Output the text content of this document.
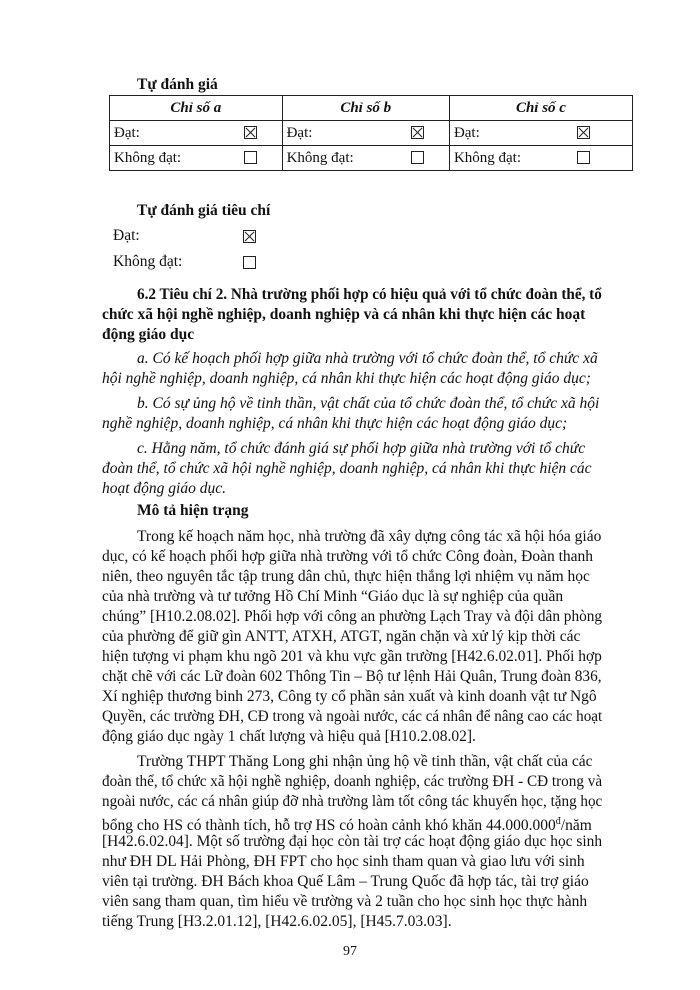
Tự đánh giá
Chỉ số a	Chỉ số b	Chỉ số c
Đạt:	Đạt:	Đạt:

Không đạt:	Không đạt:	Không đạt:
Tự đánh giá tiêu chí
Đạt:
Không đạt:
6.2 Tiêu chí 2. Nhà trường phối hợp có hiệu quả với tổ chức đoàn thể, tổ
chức xã hội nghề nghiệp, doanh nghiệp và cá nhân khi thực hiện các hoạt
động giáo dục
a. Có kế hoạch phối hợp giữa nhà trường với tổ chức đoàn thể, tổ chức xã
hội nghề nghiệp, doanh nghiệp, cá nhân khi thực hiện các hoạt động giáo dục;
b. Có sự ủng hộ về tinh thần, vật chất của tổ chức đoàn thể, tổ chức xã hội
nghề nghiệp, doanh nghiệp, cá nhân khi thực hiện các hoạt động giáo dục;
c. Hằng năm, tổ chức đánh giá sự phối hợp giữa nhà trường với tổ chức
đoàn thể, tổ chức xã hội nghề nghiệp, doanh nghiệp, cá nhân khi thực hiện các
hoạt động giáo dục.
Mô tả hiện trạng
Trong kế hoạch năm học, nhà trường đã xây dựng công tác xã hội hóa giáo
dục, có kế hoạch phối hợp giữa nhà trường với tổ chức Công đoàn, Đoàn thanh
niên, theo nguyên tắc tập trung dân chủ, thực hiện thắng lợi nhiệm vụ năm học
của nhà trường và tư tưởng Hồ Chí Minh “Giáo dục là sự nghiệp của quần
chúng” [H10.2.08.02]. Phối hợp với công an phường Lạch Tray và đội dân phòng
của phường để giữ gìn ANTT, ATXH, ATGT, ngăn chặn và xử lý kịp thời các
hiện tượng vi phạm khu ngõ 201 và khu vực gần trường [H42.6.02.01]. Phối hợp
chặt chẽ với các Lữ đoàn 602 Thông Tin – Bộ tư lệnh Hải Quân, Trung đoàn 836,
Xí nghiệp thương binh 273, Công ty cổ phần sản xuất và kinh doanh vật tư Ngô
Quyền, các trường ĐH, CĐ trong và ngoài nước, các cá nhân để nâng cao các hoạt
động giáo dục ngày 1 chất lượng và hiệu quả [H10.2.08.02].
Trường THPT Thăng Long ghi nhận ủng hộ về tinh thần, vật chất của các
đoàn thể, tổ chức xã hội nghề nghiệp, doanh nghiệp, các trường ĐH - CĐ trong và
ngoài nước, các cá nhân giúp đỡ nhà trường làm tốt công tác khuyến học, tặng học
bổng cho HS có thành tích, hỗ trợ HS có hoàn cảnh khó khăn $44.000.000^đ$/năm
[H42.6.02.04]. Một số trường đại học còn tài trợ các hoạt động giáo dục học sinh
như ĐH DL Hải Phòng, ĐH FPT cho học sinh tham quan và giao lưu với sinh
viên tại trường. ĐH Bách khoa Quế Lâm – Trung Quốc đã hợp tác, tài trợ giáo
viên sang tham quan, tìm hiểu về trường và 2 tuần cho học sinh học thực hành
tiếng Trung [H3.2.01.12], [H42.6.02.05], [H45.7.03.03].
97
